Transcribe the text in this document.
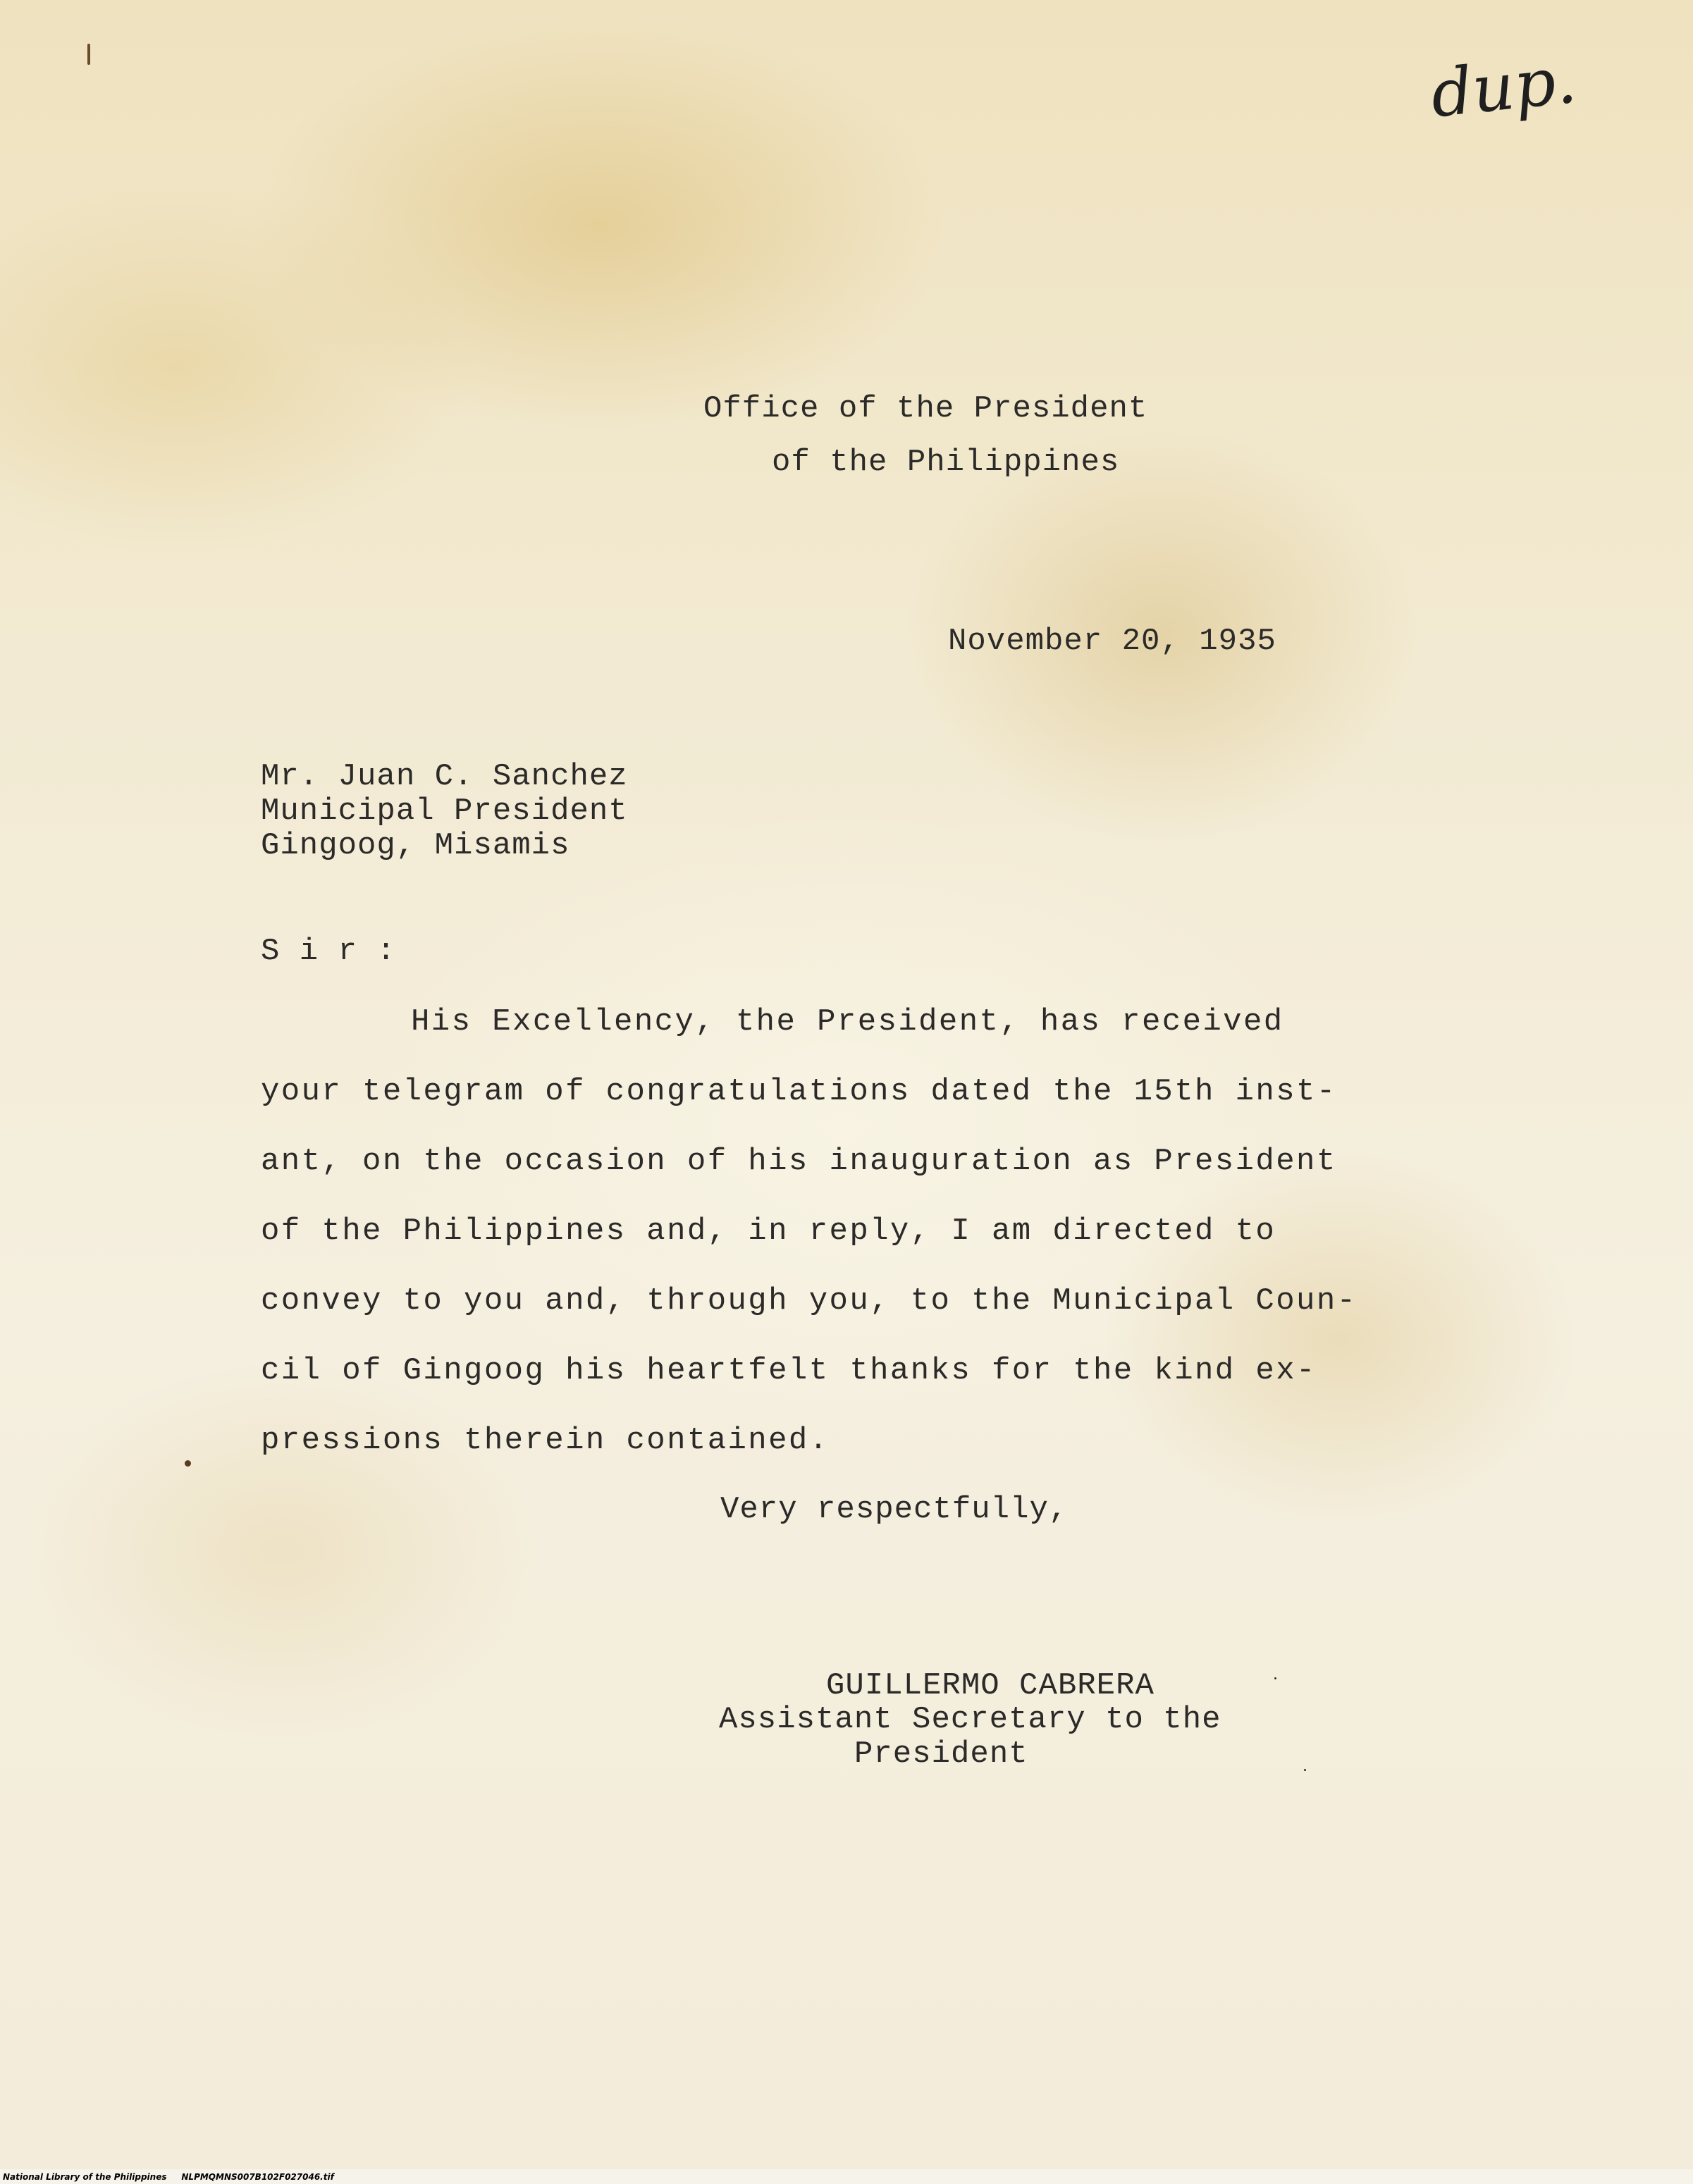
dup.
Office of the President
of the Philippines
November 20, 1935
Mr. Juan C. Sanchez
Municipal President
Gingoog, Misamis
S i r :
His Excellency, the President, has received
your telegram of congratulations dated the 15th inst-
ant, on the occasion of his inauguration as President
of the Philippines and, in reply, I am directed to
convey to you and, through you, to the Municipal Coun-
cil of Gingoog his heartfelt thanks for the kind ex-
pressions therein contained.
Very respectfully,
GUILLERMO CABRERA
Assistant Secretary to the
President
National Library of the Philippines NLPMQMNS007B102F027046.tif
